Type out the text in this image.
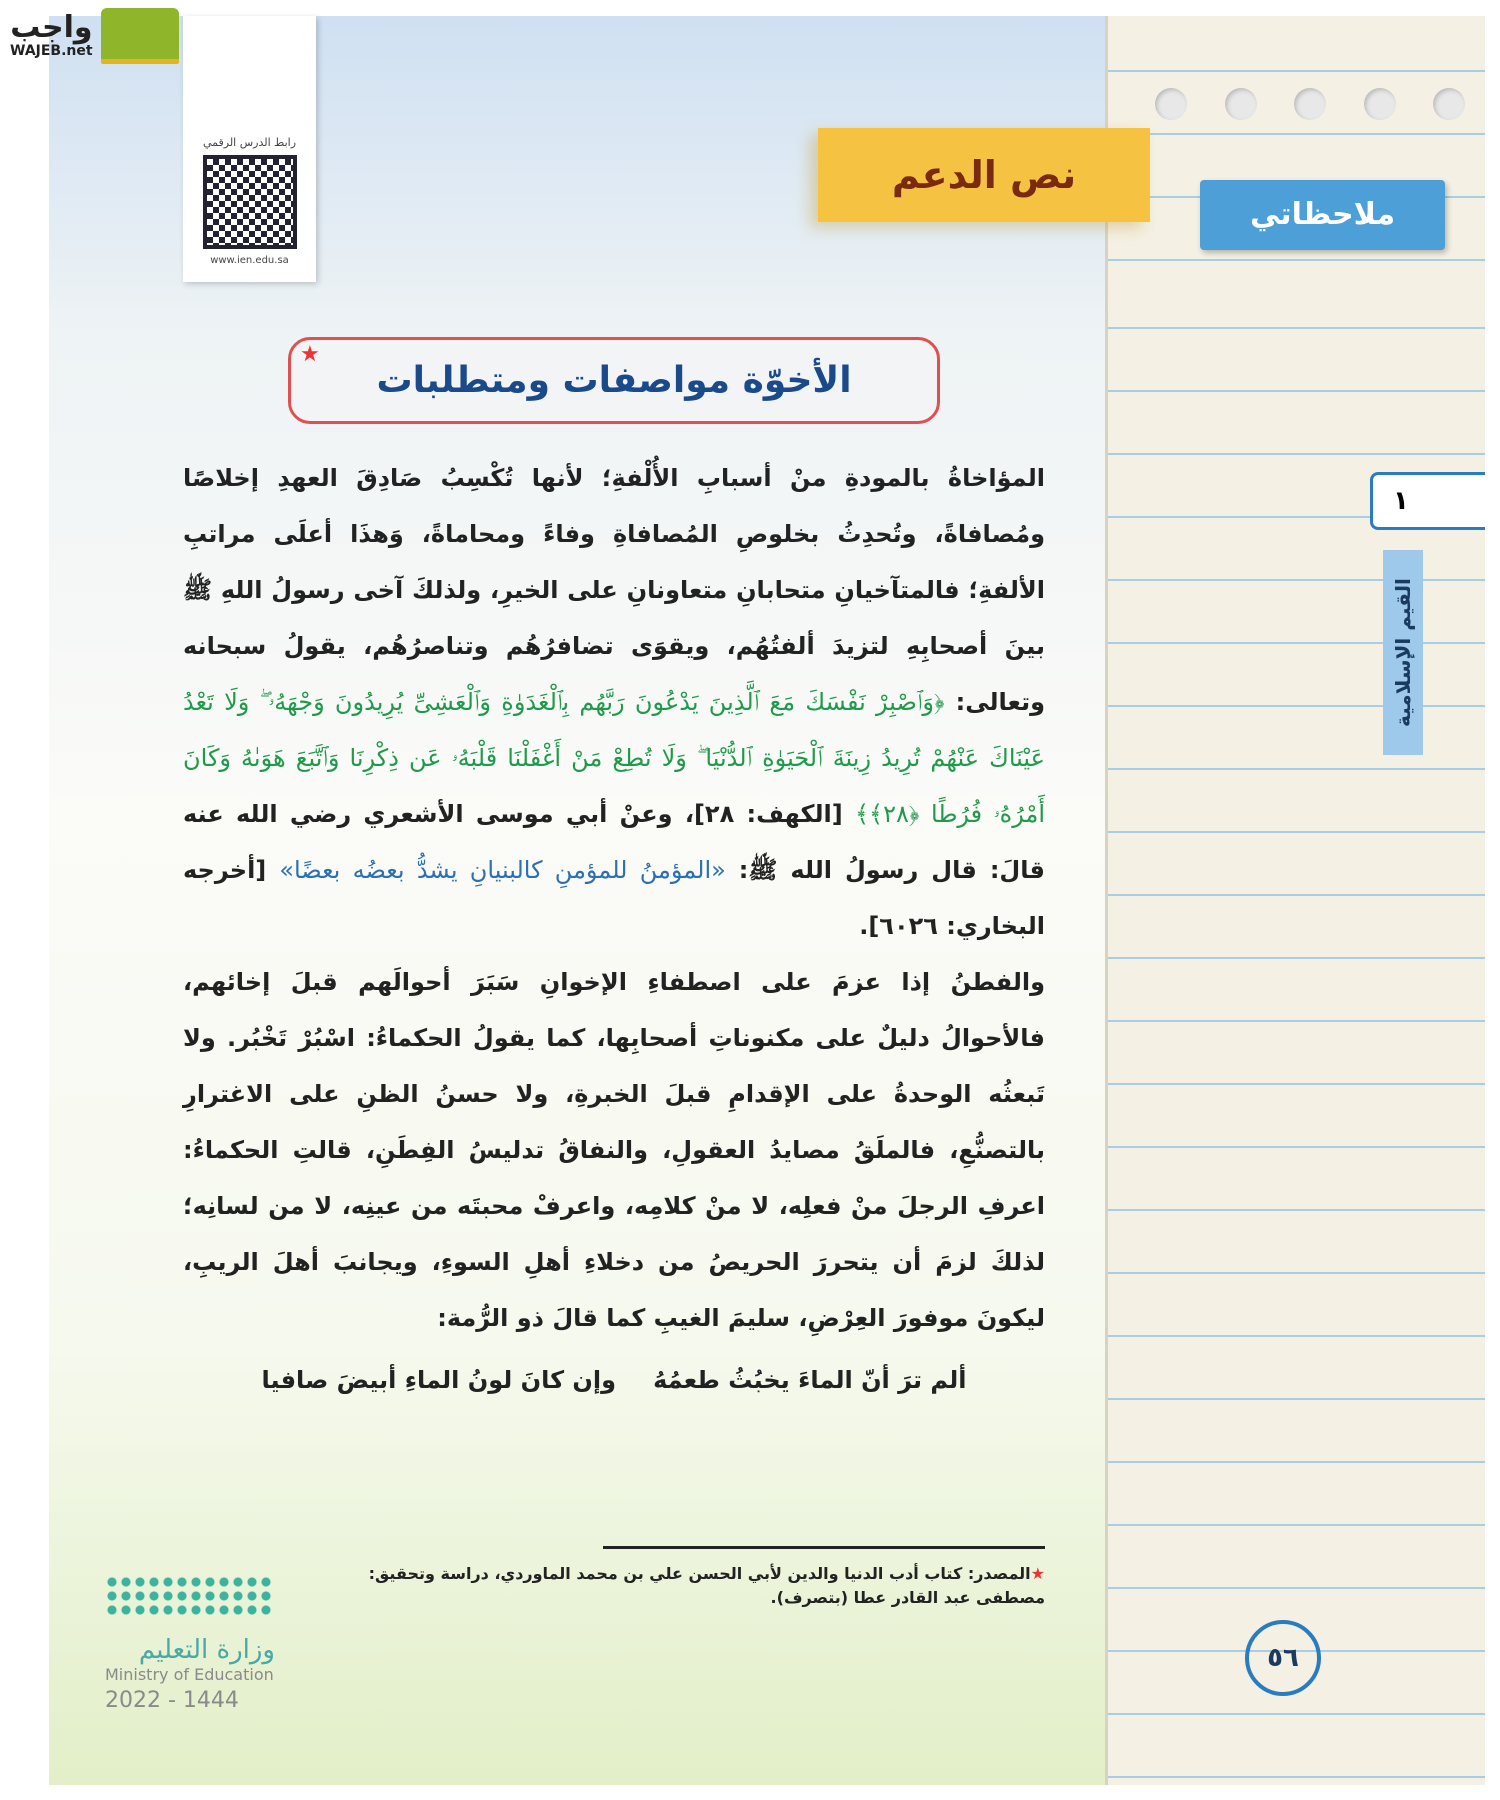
واجب
WAJEB.net
رابط الدرس الرقمي
www.ien.edu.sa
نص الدعم
ملاحظاتي
١
القيم الإسلامية
الأخوّة مواصفات ومتطلبات
★

المؤاخاةُ بالمودةِ منْ أسبابِ الأُلْفةِ؛ لأنها تُكْسِبُ صَادِقَ العهدِ إخلاصًا ومُصافاةً، وتُحدِثُ بخلوصِ المُصافاةِ وفاءً ومحاماةً، وَهذَا أعلَى مراتبِ الألفةِ؛ فالمتآخيانِ متحابانِ متعاونانِ على الخيرِ، ولذلكَ آخى رسولُ اللهِ ﷺ بينَ أصحابِهِ لتزيدَ ألفتُهُم، ويقوَى تضافرُهُم وتناصرُهُم، يقولُ سبحانه وتعالى: ﴿وَٱصْبِرْ نَفْسَكَ مَعَ ٱلَّذِينَ يَدْعُونَ رَبَّهُم بِٱلْغَدَوٰةِ وَٱلْعَشِىِّ يُرِيدُونَ وَجْهَهُۥ ۖ وَلَا تَعْدُ عَيْنَاكَ عَنْهُمْ تُرِيدُ زِينَةَ ٱلْحَيَوٰةِ ٱلدُّنْيَا ۖ وَلَا تُطِعْ مَنْ أَغْفَلْنَا قَلْبَهُۥ عَن ذِكْرِنَا وَٱتَّبَعَ هَوَىٰهُ وَكَانَ أَمْرُهُۥ فُرُطًا ﴿٢٨﴾﴾ [الكهف: ٢٨]، وعنْ أبي موسى الأشعري رضي الله عنه قالَ: قال رسولُ الله ﷺ: «المؤمنُ للمؤمنِ كالبنيانِ يشدُّ بعضُه بعضًا» [أخرجه البخاري: ٦٠٢٦].

والفطنُ إذا عزمَ على اصطفاءِ الإخوانِ سَبَرَ أحوالَهم قبلَ إخائهم، فالأحوالُ دليلٌ على مكنوناتِ أصحابِها، كما يقولُ الحكماءُ: اسْبُرْ تَخْبُر. ولا تَبعثُه الوحدةُ على الإقدامِ قبلَ الخبرةِ، ولا حسنُ الظنِ على الاغترارِ بالتصنُّعِ، فالملَقُ مصايدُ العقولِ، والنفاقُ تدليسُ الفِطَنِ، قالتِ الحكماءُ: اعرفِ الرجلَ منْ فعلِه، لا منْ كلامِه، واعرفْ محبتَه من عينِه، لا من لسانِه؛ لذلكَ لزمَ أن يتحررَ الحريصُ من دخلاءِ أهلِ السوءِ، ويجانبَ أهلَ الريبِ، ليكونَ موفورَ العِرْضِ، سليمَ الغيبِ كما قالَ ذو الرُّمة:

ألم ترَ أنّ الماءَ يخبُثُ طعمُهُ
وإن كانَ لونُ الماءِ أبيضَ صافيا
★المصدر: كتاب أدب الدنيا والدين لأبي الحسن علي بن محمد الماوردي، دراسة وتحقيق: مصطفى عبد القادر عطا (بتصرف).
وزارة التعليم
Ministry of Education
2022 - 1444
٥٦
